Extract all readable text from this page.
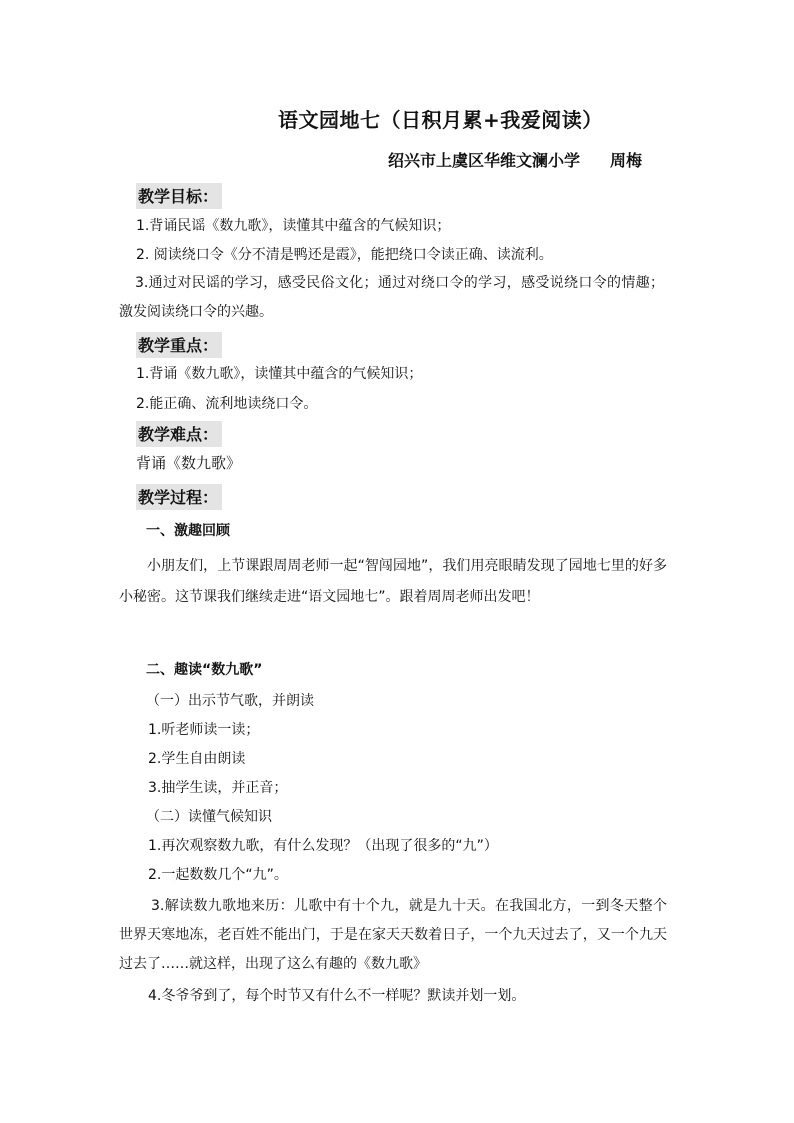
语文园地七（日积月累+我爱阅读）
绍兴市上虞区华维文澜小学 周梅
教学目标：
1.背诵民谣《数九歌》，读懂其中蕴含的气候知识；
2. 阅读绕口令《分不清是鸭还是霞》，能把绕口令读正确、读流利。
3.通过对民谣的学习，感受民俗文化；通过对绕口令的学习，感受说绕口令的情趣；激发阅读绕口令的兴趣。
教学重点：
1.背诵《数九歌》，读懂其中蕴含的气候知识；
2.能正确、流利地读绕口令。
教学难点：
背诵《数九歌》
教学过程：
一、激趣回顾
小朋友们，上节课跟周周老师一起“智闯园地”，我们用亮眼睛发现了园地七里的好多小秘密。这节课我们继续走进“语文园地七”。跟着周周老师出发吧！
二、趣读“数九歌”
（一）出示节气歌，并朗读
1.听老师读一读；
2.学生自由朗读
3.抽学生读，并正音；
（二）读懂气候知识
1.再次观察数九歌，有什么发现？（出现了很多的“九”）
2.一起数数几个“九”。
3.解读数九歌地来历：儿歌中有十个九，就是九十天。在我国北方，一到冬天整个世界天寒地冻，老百姓不能出门，于是在家天天数着日子，一个九天过去了，又一个九天过去了……就这样，出现了这么有趣的《数九歌》
4.冬爷爷到了，每个时节又有什么不一样呢？默读并划一划。
